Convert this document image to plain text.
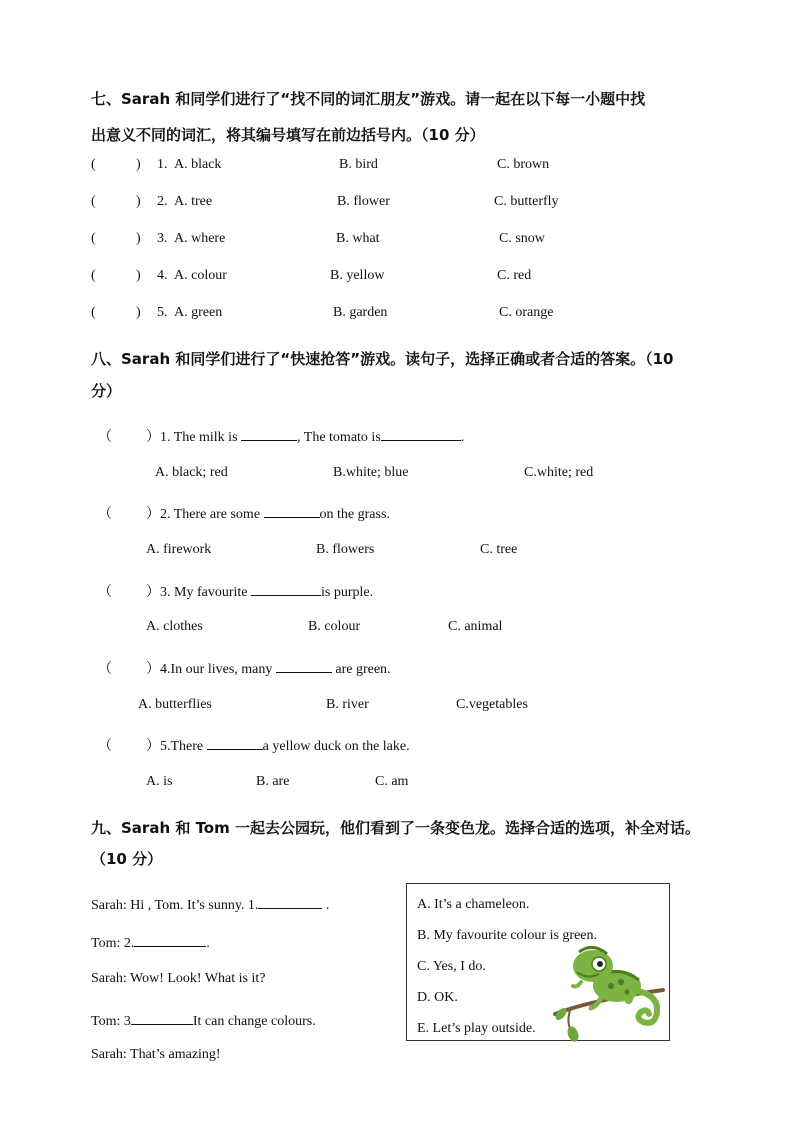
七、Sarah 和同学们进行了“找不同的词汇朋友”游戏。请一起在以下每一小题中找
出意义不同的词汇，将其编号填写在前边括号内。（10 分）
(	) 1. A. black	B. bird	C. brown
(	) 2. A. tree	B. flower	C. butterfly
(	) 3. A. where	B. what	C. snow
(	) 4. A. colour	B. yellow	C. red
(	) 5. A. green	B. garden	C. orange
八、Sarah 和同学们进行了“快速抢答”游戏。读句子，选择正确或者合适的答案。（10
分）
（ ）1. The milk is	, The tomato is	.
A. black; red	B.white; blue	C.white; red
（ ）2. There are some	on the grass.
A. firework	B. flowers	C. tree
（ ）3. My favourite	is purple.
A. clothes	B. colour	C. animal
（ ）4.In our lives, many	are green.
A. butterflies	B. river	C.vegetables
（ ）5.There	a yellow duck on the lake.
A. is	B. are	C. am
九、Sarah 和 Tom 一起去公园玩，他们看到了一条变色龙。选择合适的选项，补全对话。
（10 分）
Sarah: Hi , Tom. It’s sunny. 1.	.
Tom: 2.	.
Sarah: Wow! Look! What is it?
Tom: 3	It can change colours.
Sarah: That’s amazing!
A. It’s a chameleon.
B. My favourite colour is green.
C. Yes, I do.
D. OK.
E. Let’s play outside.
